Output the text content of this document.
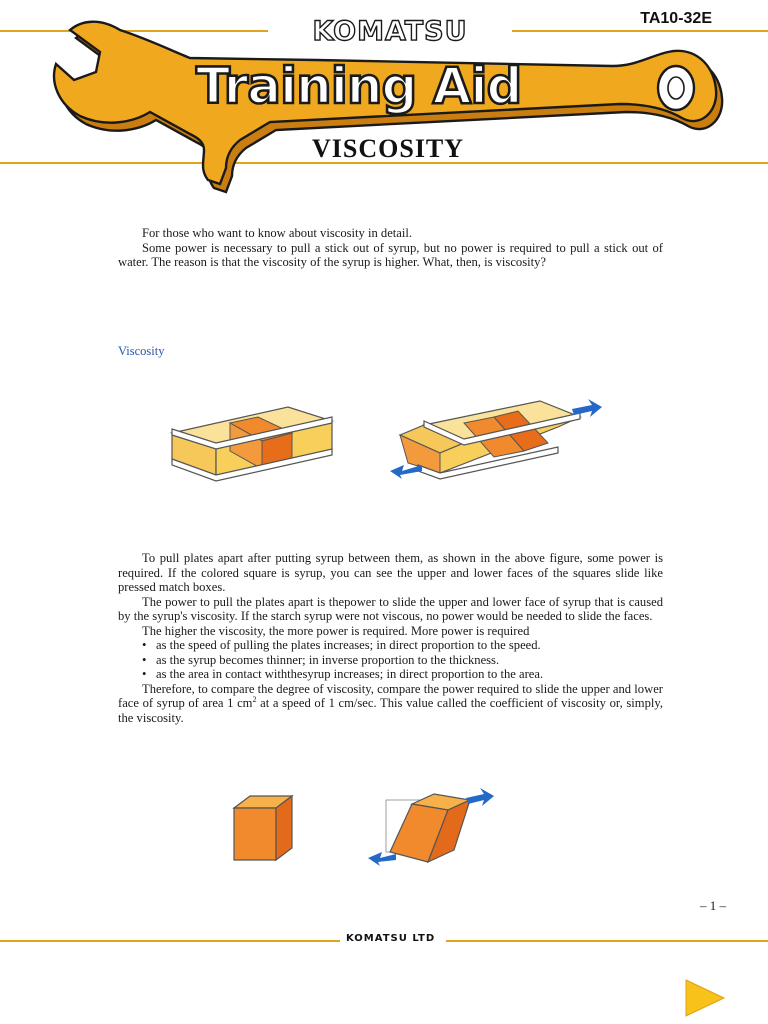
KOMATSU	TA10-32E
Training Aid
VISCOSITY

For those who want to know about viscosity in detail.

Some power is necessary to pull a stick out of syrup, but no power is required to pull a stick out of water. The reason is that the viscosity of the syrup is higher. What, then, is viscosity?

Viscosity

To pull plates apart after putting syrup between them, as shown in the above figure, some power is required. If the colored square is syrup, you can see the upper and lower faces of the squares slide like pressed match boxes.

The power to pull the plates apart is thepower to slide the upper and lower face of syrup that is caused by the syrup's viscosity. If the starch syrup were not viscous, no power would be needed to slide the faces.

The higher the viscosity, the more power is required. More power is required

• as the speed of pulling the plates increases; in direct proportion to the speed.

• as the syrup becomes thinner; in inverse proportion to the thickness.

• as the area in contact withthesyrup increases; in direct proportion to the area.

Therefore, to compare the degree of viscosity, compare the power required to slide the upper and lower face of syrup of area 1 $cm^2$ at a speed of 1 cm/sec. This value called the coefficient of viscosity or, simply, the viscosity.

– 1 –
KOMATSU LTD
